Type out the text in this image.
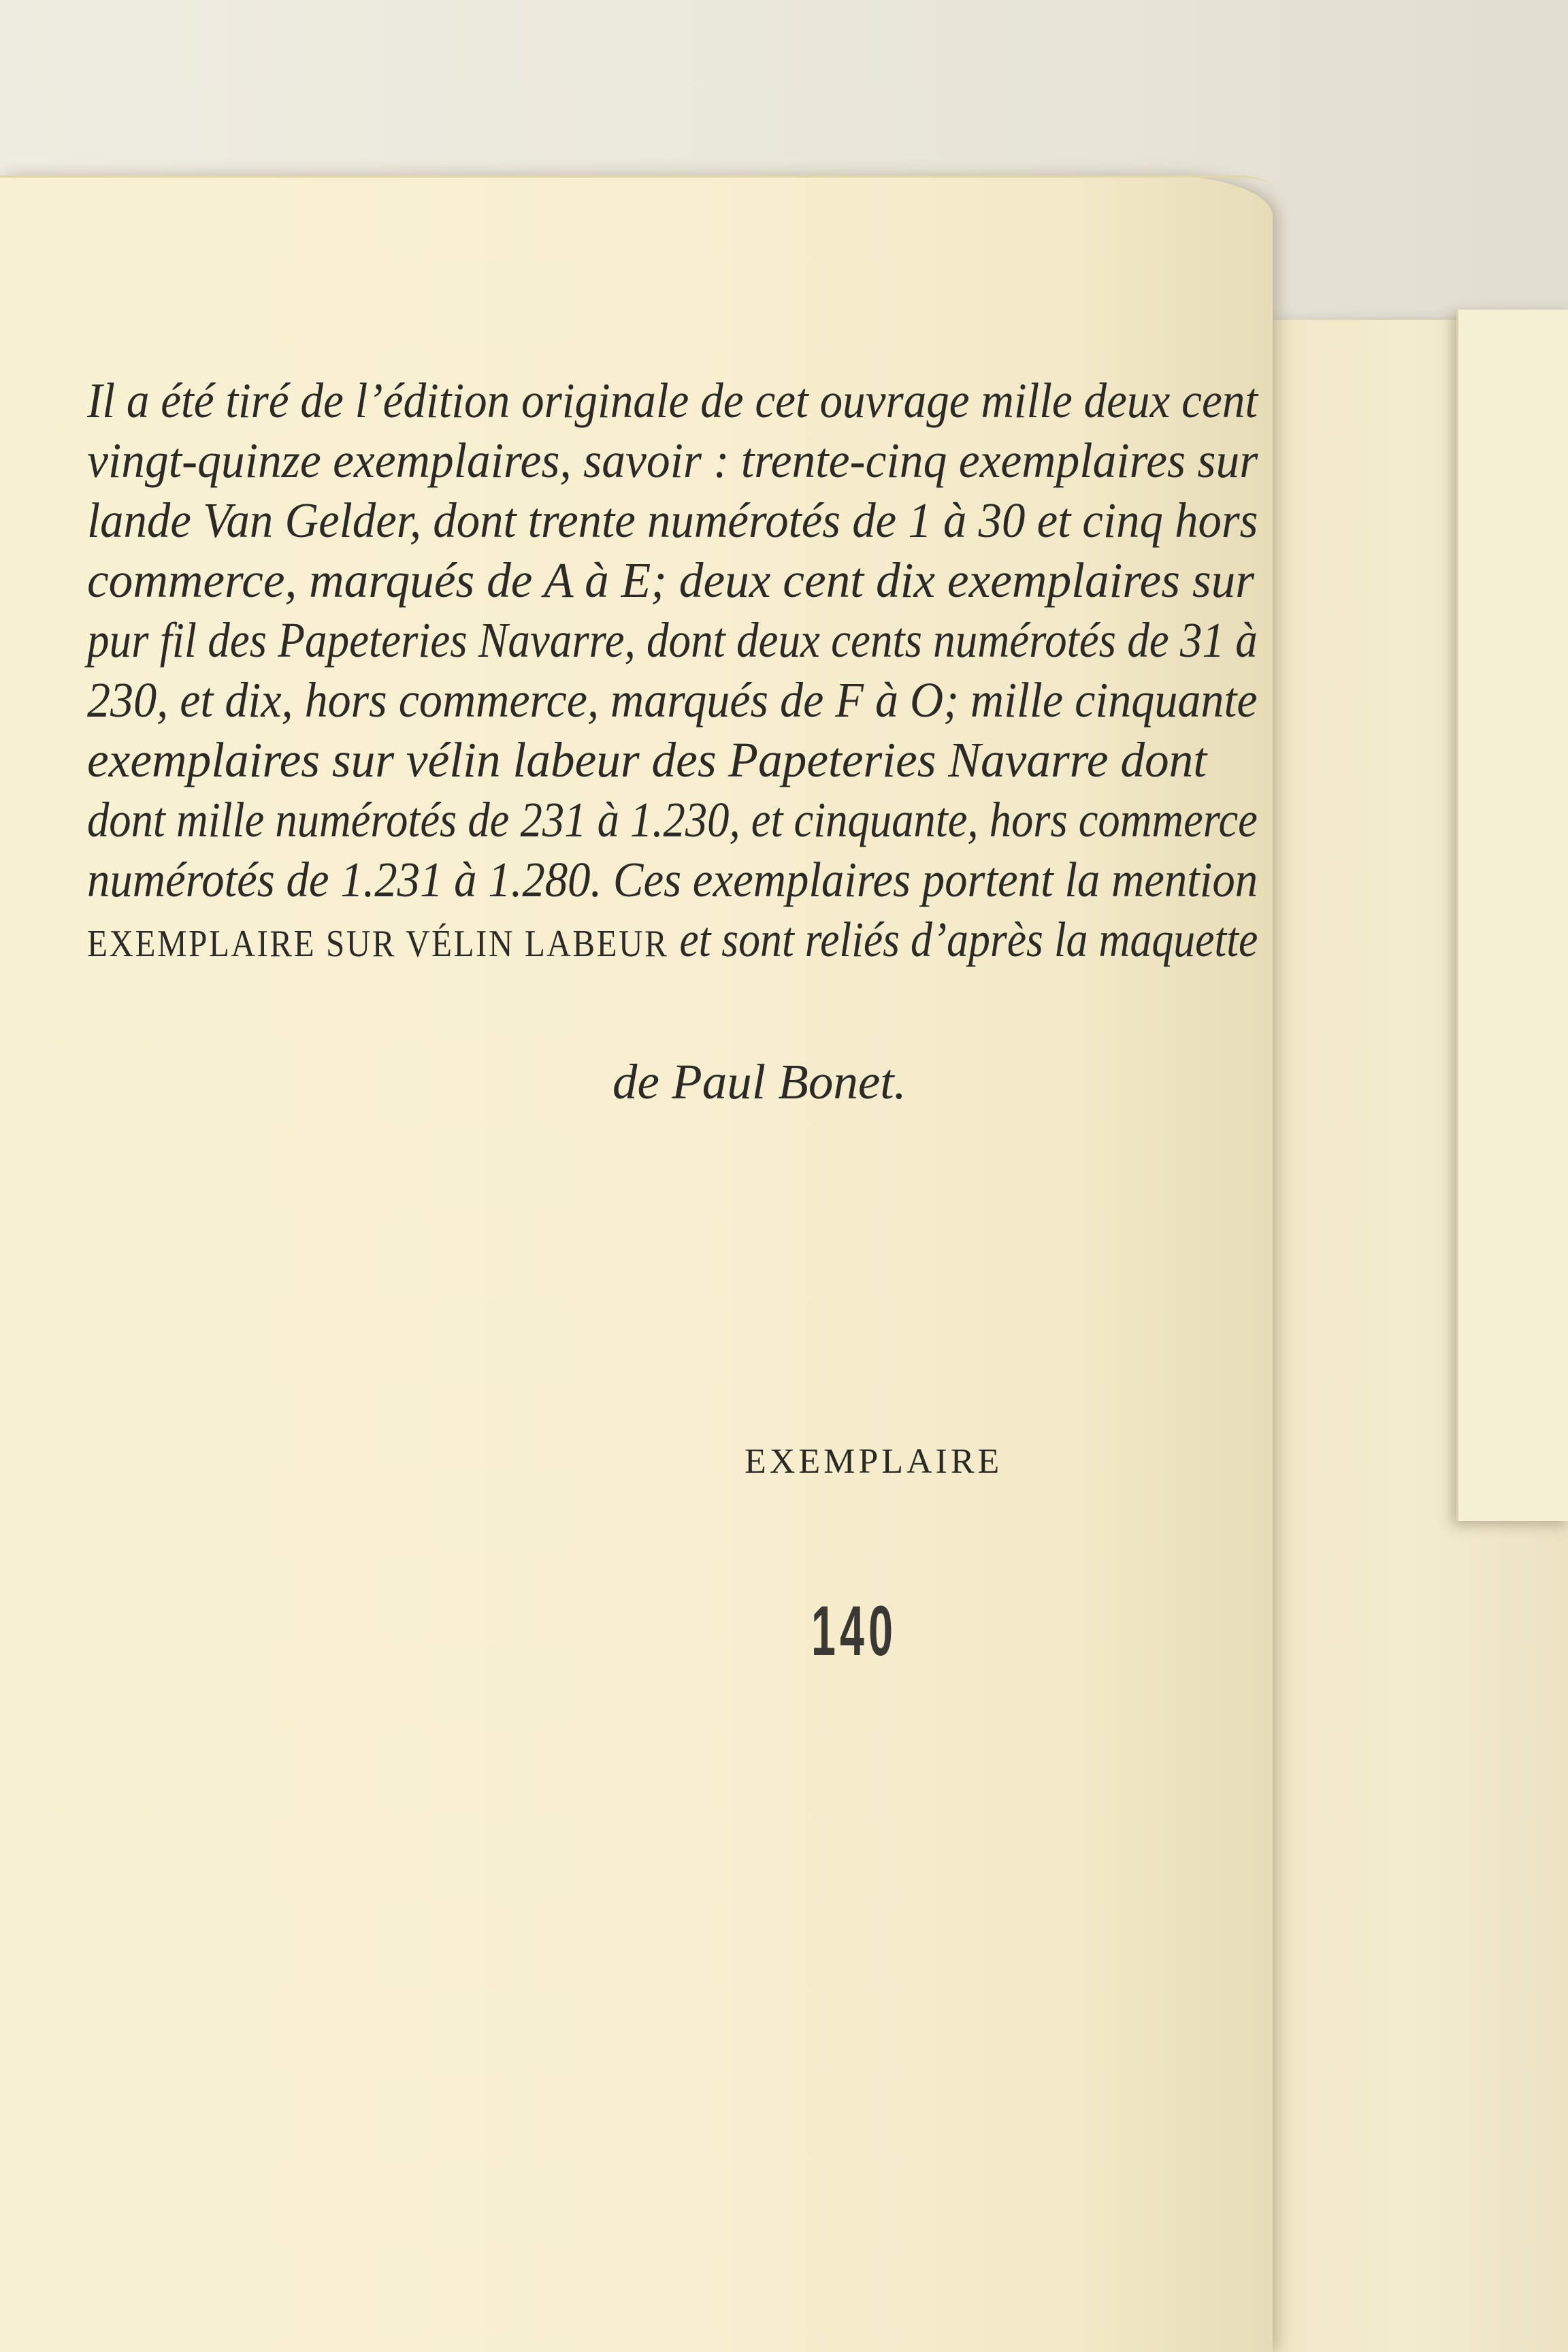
Il a été tiré de l’édition originale de cet ouvrage mille deux cent
vingt-quinze exemplaires, savoir : trente-cinq exemplaires sur
lande Van Gelder, dont trente numérotés de 1 à 30 et cinq hors
commerce, marqués de A à E; deux cent dix exemplaires sur
pur fil des Papeteries Navarre, dont deux cents numérotés de 31 à
230, et dix, hors commerce, marqués de F à O; mille cinquante
exemplaires sur vélin labeur des Papeteries Navarre dont
dont mille numérotés de 231 à 1.230, et cinquante, hors commerce
numérotés de 1.231 à 1.280. Ces exemplaires portent la mention
EXEMPLAIRE SUR VÉLIN LABEUR et sont reliés d’après la maquette
de Paul Bonet.
EXEMPLAIRE
140
